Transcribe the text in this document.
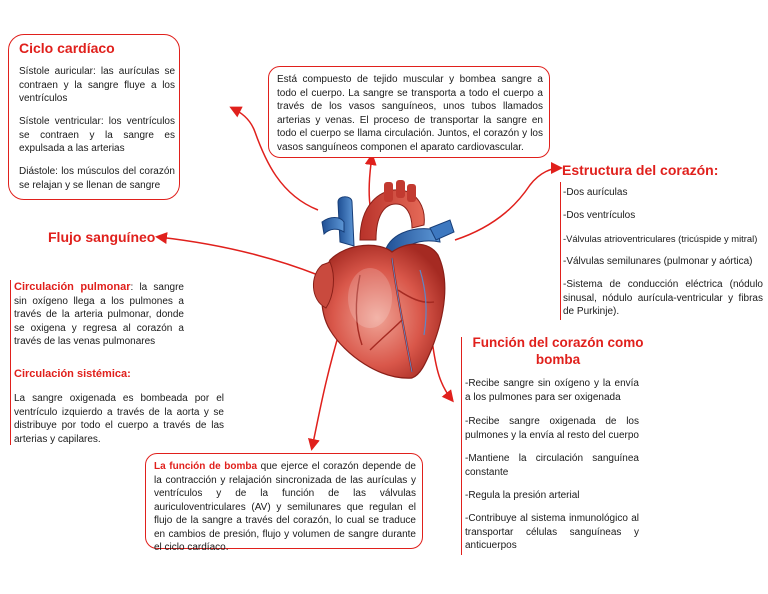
Ciclo cardíaco
Sístole auricular: las aurículas se contraen y la sangre fluye a los ventrículos
Sístole ventricular: los ventrículos se contraen y la sangre es expulsada a las arterias
Diástole: los músculos del corazón se relajan y se llenan de sangre
Está compuesto de tejido muscular y bombea sangre a todo el cuerpo. La sangre se transporta a todo el cuerpo a través de los vasos sanguíneos, unos tubos llamados arterias y venas. El proceso de transportar la sangre en todo el cuerpo se llama circulación. Juntos, el corazón y los vasos sanguíneos componen el aparato cardiovascular.
Estructura del corazón:
-Dos aurículas
-Dos ventrículos
-Válvulas atrioventriculares (tricúspide y mitral)
-Válvulas semilunares (pulmonar y aórtica)
-Sistema de conducción eléctrica (nódulo sinusal, nódulo aurícula-ventricular y fibras de Purkinje).
Flujo sanguíneo
Circulación pulmonar: la sangre sin oxígeno llega a los pulmones a través de la arteria pulmonar, donde se oxigena y regresa al corazón a través de las venas pulmonares
Circulación sistémica:
La sangre oxigenada es bombeada por el ventrículo izquierdo a través de la aorta y se distribuye por todo el cuerpo a través de las arterias y capilares.
Función del corazón como bomba
-Recibe sangre sin oxígeno y la envía a los pulmones para ser oxigenada
-Recibe sangre oxigenada de los pulmones y la envía al resto del cuerpo
-Mantiene la circulación sanguínea constante
-Regula la presión arterial
-Contribuye al sistema inmunológico al transportar células sanguíneas y anticuerpos
La función de bomba que ejerce el corazón depende de la contracción y relajación sincronizada de las aurículas y ventrículos y de la función de las válvulas auriculoventriculares (AV) y semilunares que regulan el flujo de la sangre a través del corazón, lo cual se traduce en cambios de presión, flujo y volumen de sangre durante el ciclo cardíaco.
